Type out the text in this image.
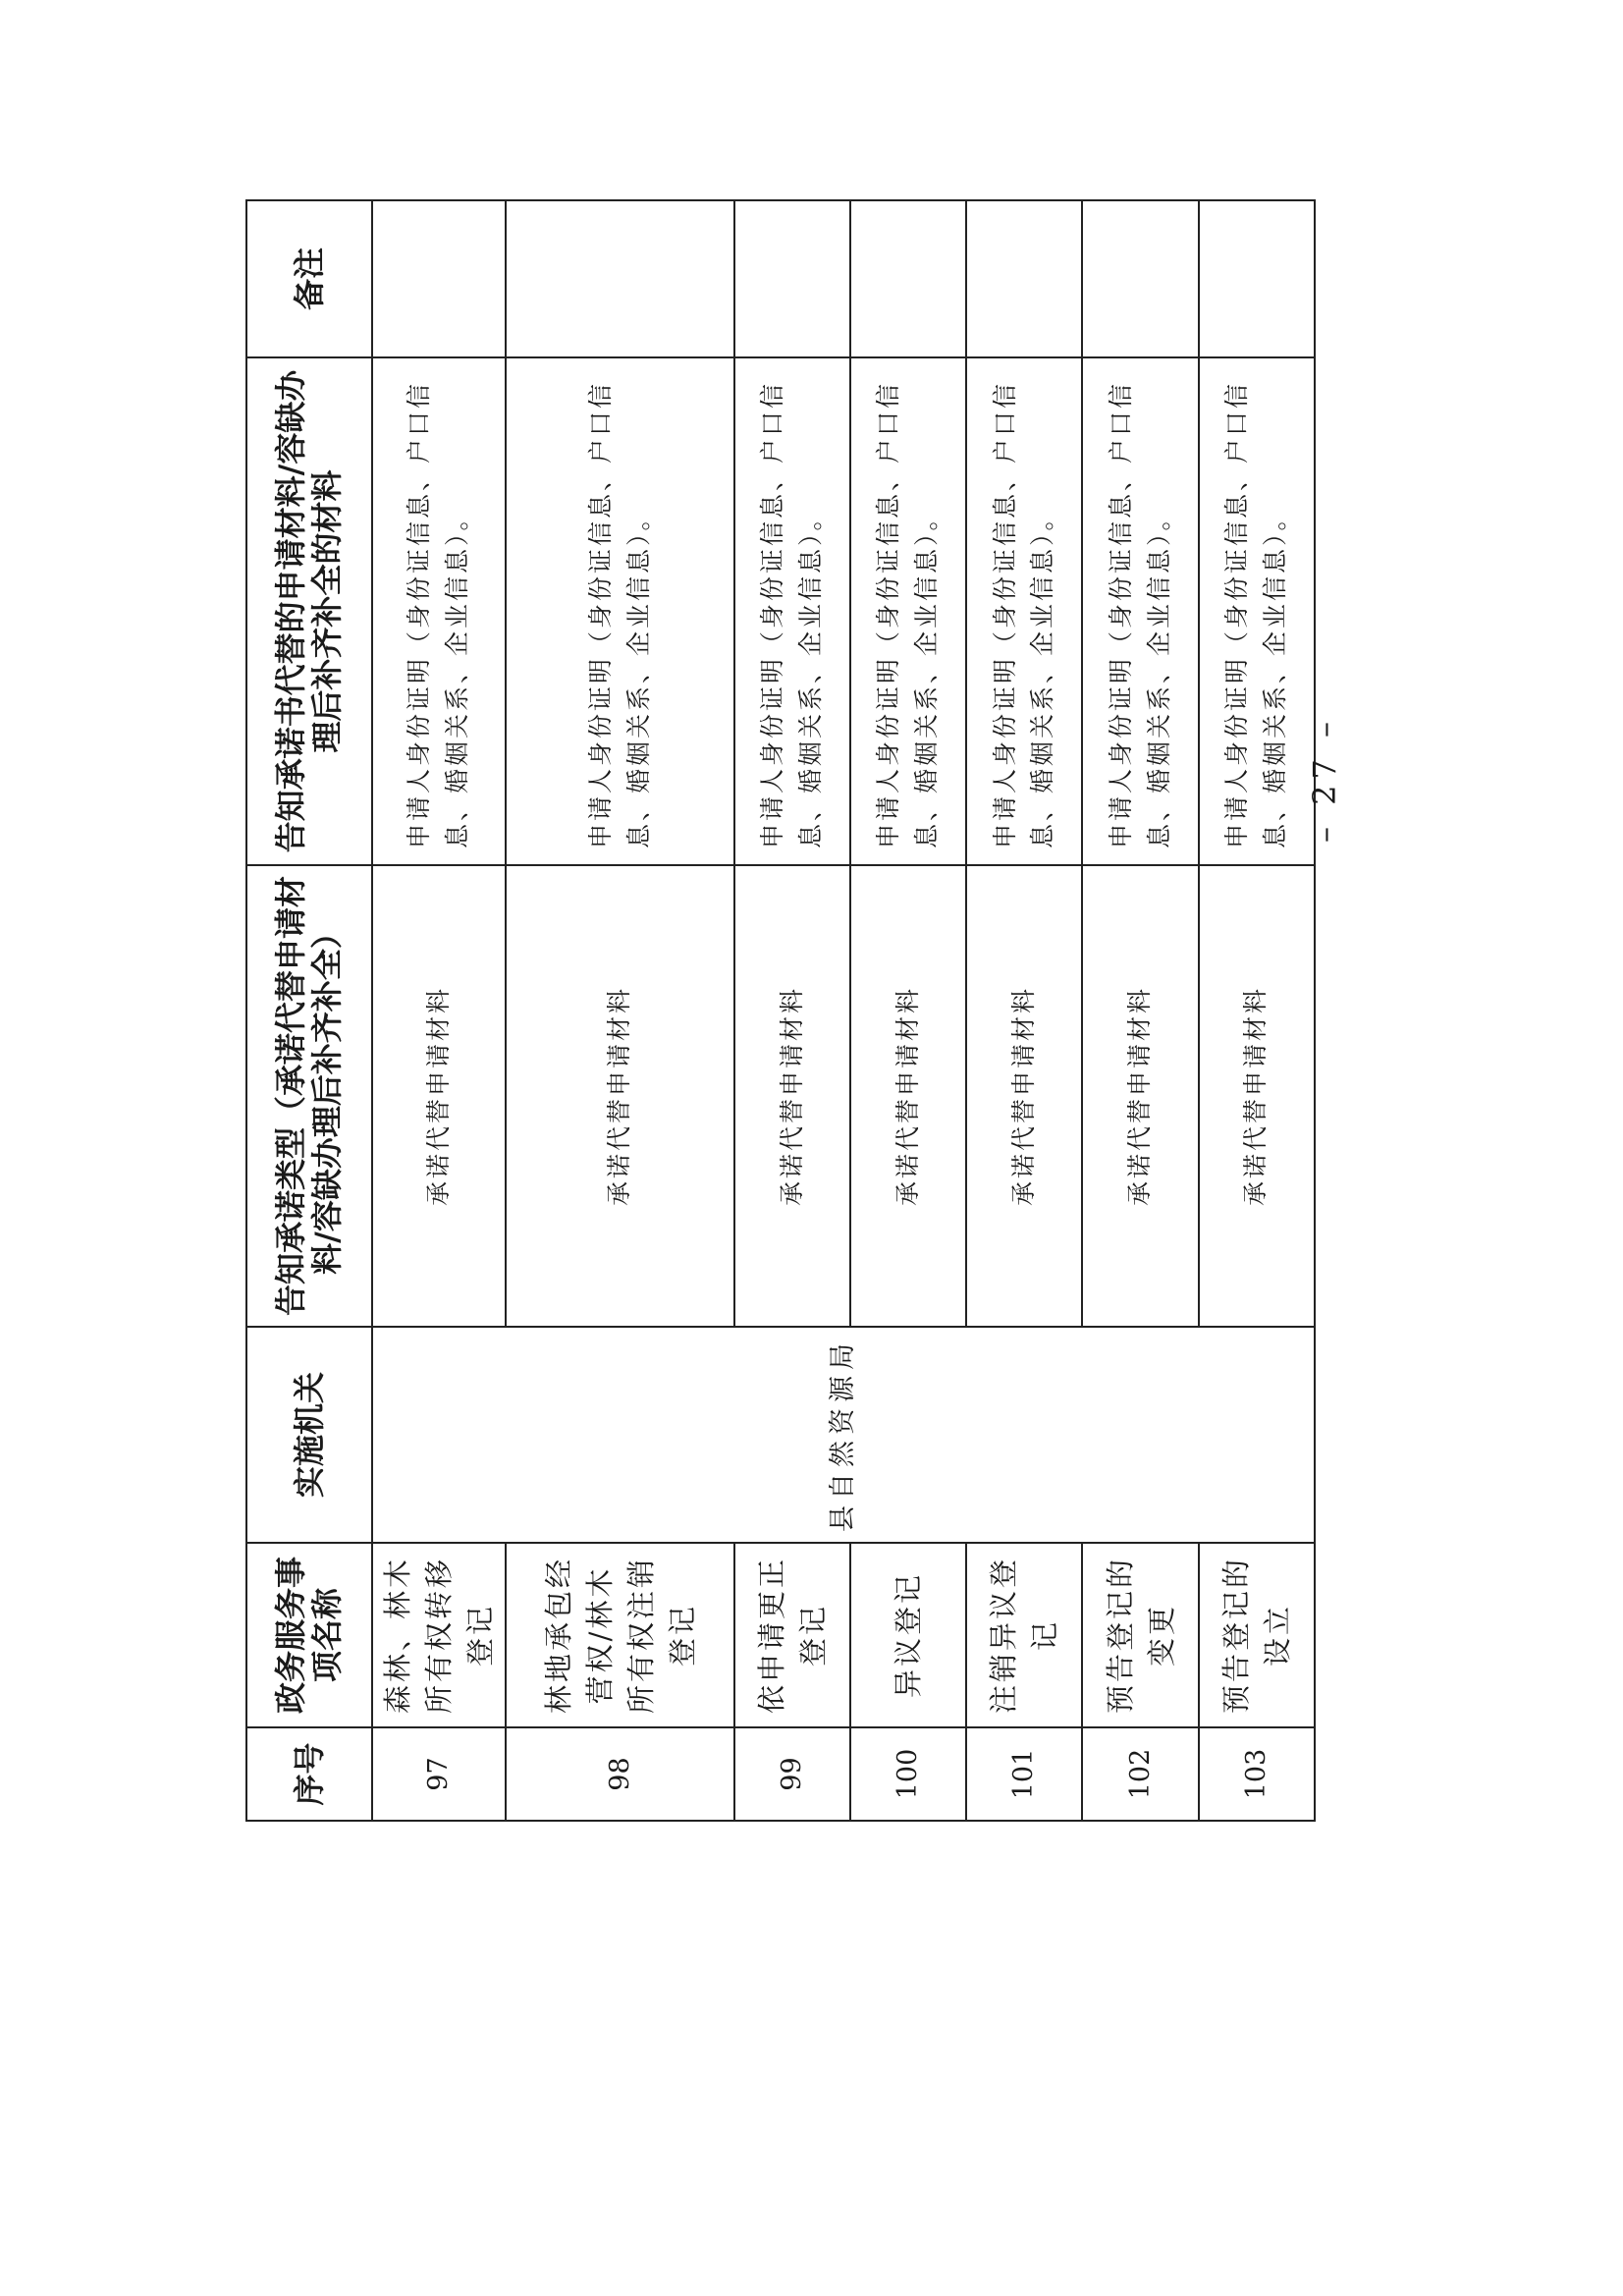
序号	政务服务事项名称	实施机关	告知承诺类型（承诺代替申请材料/容缺办理后补齐补全）	告知承诺书代替的申请材料/容缺办理后补齐补全的材料	备注
97	森林、林木所有权转移登记	县自然资源局	承诺代替申请材料	申请人身份证明（身份证信息、户口信息、婚姻关系、企业信息）。	
98	林地承包经营权/林木所有权注销登记		承诺代替申请材料	申请人身份证明（身份证信息、户口信息、婚姻关系、企业信息）。	
99	依申请更正登记		承诺代替申请材料	申请人身份证明（身份证信息、户口信息、婚姻关系、企业信息）。	
100	异议登记		承诺代替申请材料	申请人身份证明（身份证信息、户口信息、婚姻关系、企业信息）。	
101	注销异议登记		承诺代替申请材料	申请人身份证明（身份证信息、户口信息、婚姻关系、企业信息）。	
102	预告登记的变更		承诺代替申请材料	申请人身份证明（身份证信息、户口信息、婚姻关系、企业信息）。	
103	预告登记的设立		承诺代替申请材料	申请人身份证明（身份证信息、户口信息、婚姻关系、企业信息）。	– 27 –
